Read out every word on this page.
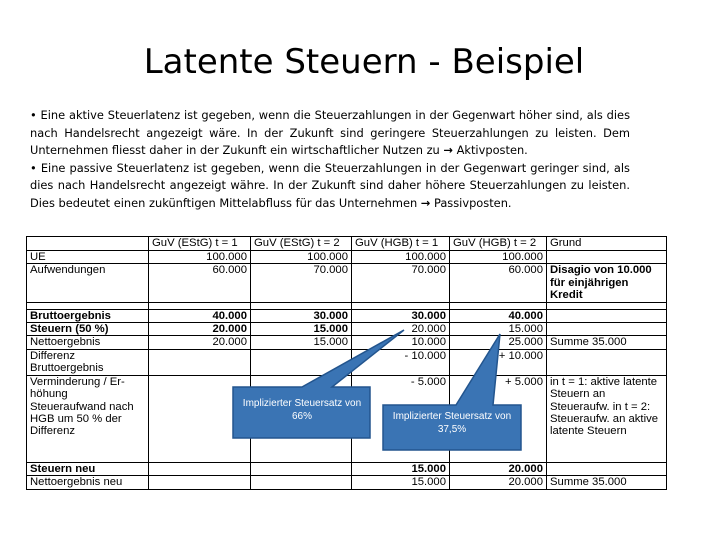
Latente Steuern - Beispiel

• Eine aktive Steuerlatenz ist gegeben, wenn die Steuerzahlungen in der Gegenwart höher sind, als dies nach Handelsrecht angezeigt wäre. In der Zukunft sind geringere Steuerzahlungen zu leisten. Dem Unternehmen fliesst daher in der Zukunft ein wirtschaftlicher Nutzen zu → Aktivposten.

• Eine passive Steuerlatenz ist gegeben, wenn die Steuerzahlungen in der Gegenwart geringer sind, als dies nach Handelsrecht angezeigt währe. In der Zukunft sind daher höhere Steuerzahlungen zu leisten. Dies bedeutet einen zukünftigen Mittelabfluss für das Unternehmen → Passivposten.

	GuV (EStG) t = 1	GuV (EStG) t = 2	GuV (HGB) t = 1	GuV (HGB) t = 2	Grund
UE	100.000	100.000	100.000	100.000	
Aufwendungen	60.000	70.000	70.000	60.000	Disagio von 10.000 für einjährigen Kredit

Bruttoergebnis	40.000	30.000	30.000	40.000	
Steuern (50 %)	20.000	15.000	20.000	15.000	
Nettoergebnis	20.000	15.000	10.000	25.000	Summe 35.000
Differenz Bruttoergebnis			- 10.000	+ 10.000	
Verminderung / Er-höhung Steueraufwand nach HGB um 50 % der Differenz			- 5.000	+ 5.000	in t = 1: aktive latente Steuern an Steueraufw. in t = 2: Steueraufw. an aktive latente Steuern
Steuern neu			15.000	20.000	
Nettoergebnis neu			15.000	20.000	Summe 35.000
Implizierter Steuersatz von 66%	Implizierter Steuersatz von 37,5%
